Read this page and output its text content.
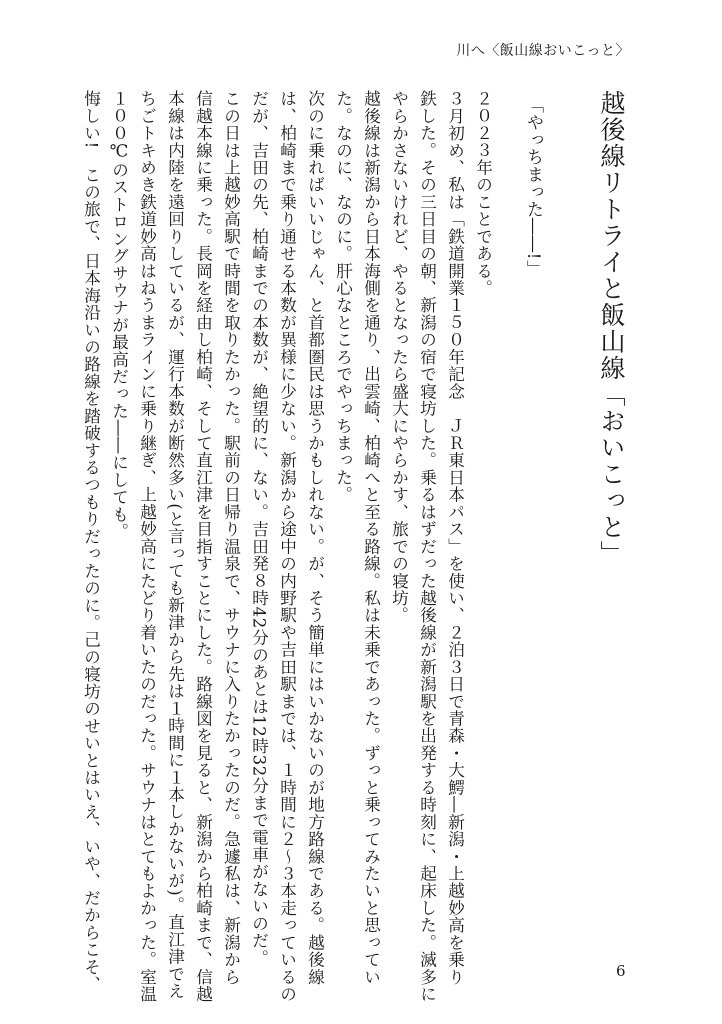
川へ〈飯山線おいこっと〉
越後線リトライと飯山線「おいこっと」
「やっちまった――!」
２０２３年のことである。
３月初め、私は「鉄道開業１５０年記念　ＪＲ東日本パス」を使い、２泊３日で青森・大鰐―新潟・上越妙高を乗り
鉄した。その三日目の朝、新潟の宿で寝坊した。乗るはずだった越後線が新潟駅を出発する時刻に、起床した。滅多に
やらかさないけれど、やるとなったら盛大にやらかす、旅での寝坊。
越後線は新潟から日本海側を通り、出雲崎、柏崎へと至る路線。私は未乗であった。ずっと乗ってみたいと思ってい
た。なのに、なのに。肝心なところでやっちまった。
次のに乗ればいいじゃん、と首都圏民は思うかもしれない。が、そう簡単にはいかないのが地方路線である。越後線
は、柏崎まで乗り通せる本数が異様に少ない。新潟から途中の内野駅や吉田駅までは、１時間に２〜３本走っているの
だが、吉田の先、柏崎までの本数が、絶望的に、ない。吉田発８時42分のあとは12時32分まで電車がないのだ。
この日は上越妙高駅で時間を取りたかった。駅前の日帰り温泉で、サウナに入りたかったのだ。急遽私は、新潟から
信越本線に乗った。長岡を経由し柏崎、そして直江津を目指すことにした。路線図を見ると、新潟から柏崎まで、信越
本線は内陸を遠回りしているが、運行本数が断然多い(と言っても新津から先は１時間に１本しかないが)。直江津でえ
ちごトキめき鉄道妙高はねうまラインに乗り継ぎ、上越妙高にたどり着いたのだった。サウナはとてもよかった。室温
１００℃のストロングサウナが最高だった――にしても。
悔しい!　この旅で、日本海沿いの路線を踏破するつもりだったのに。己の寝坊のせいとはいえ、いや、だからこそ、	6
